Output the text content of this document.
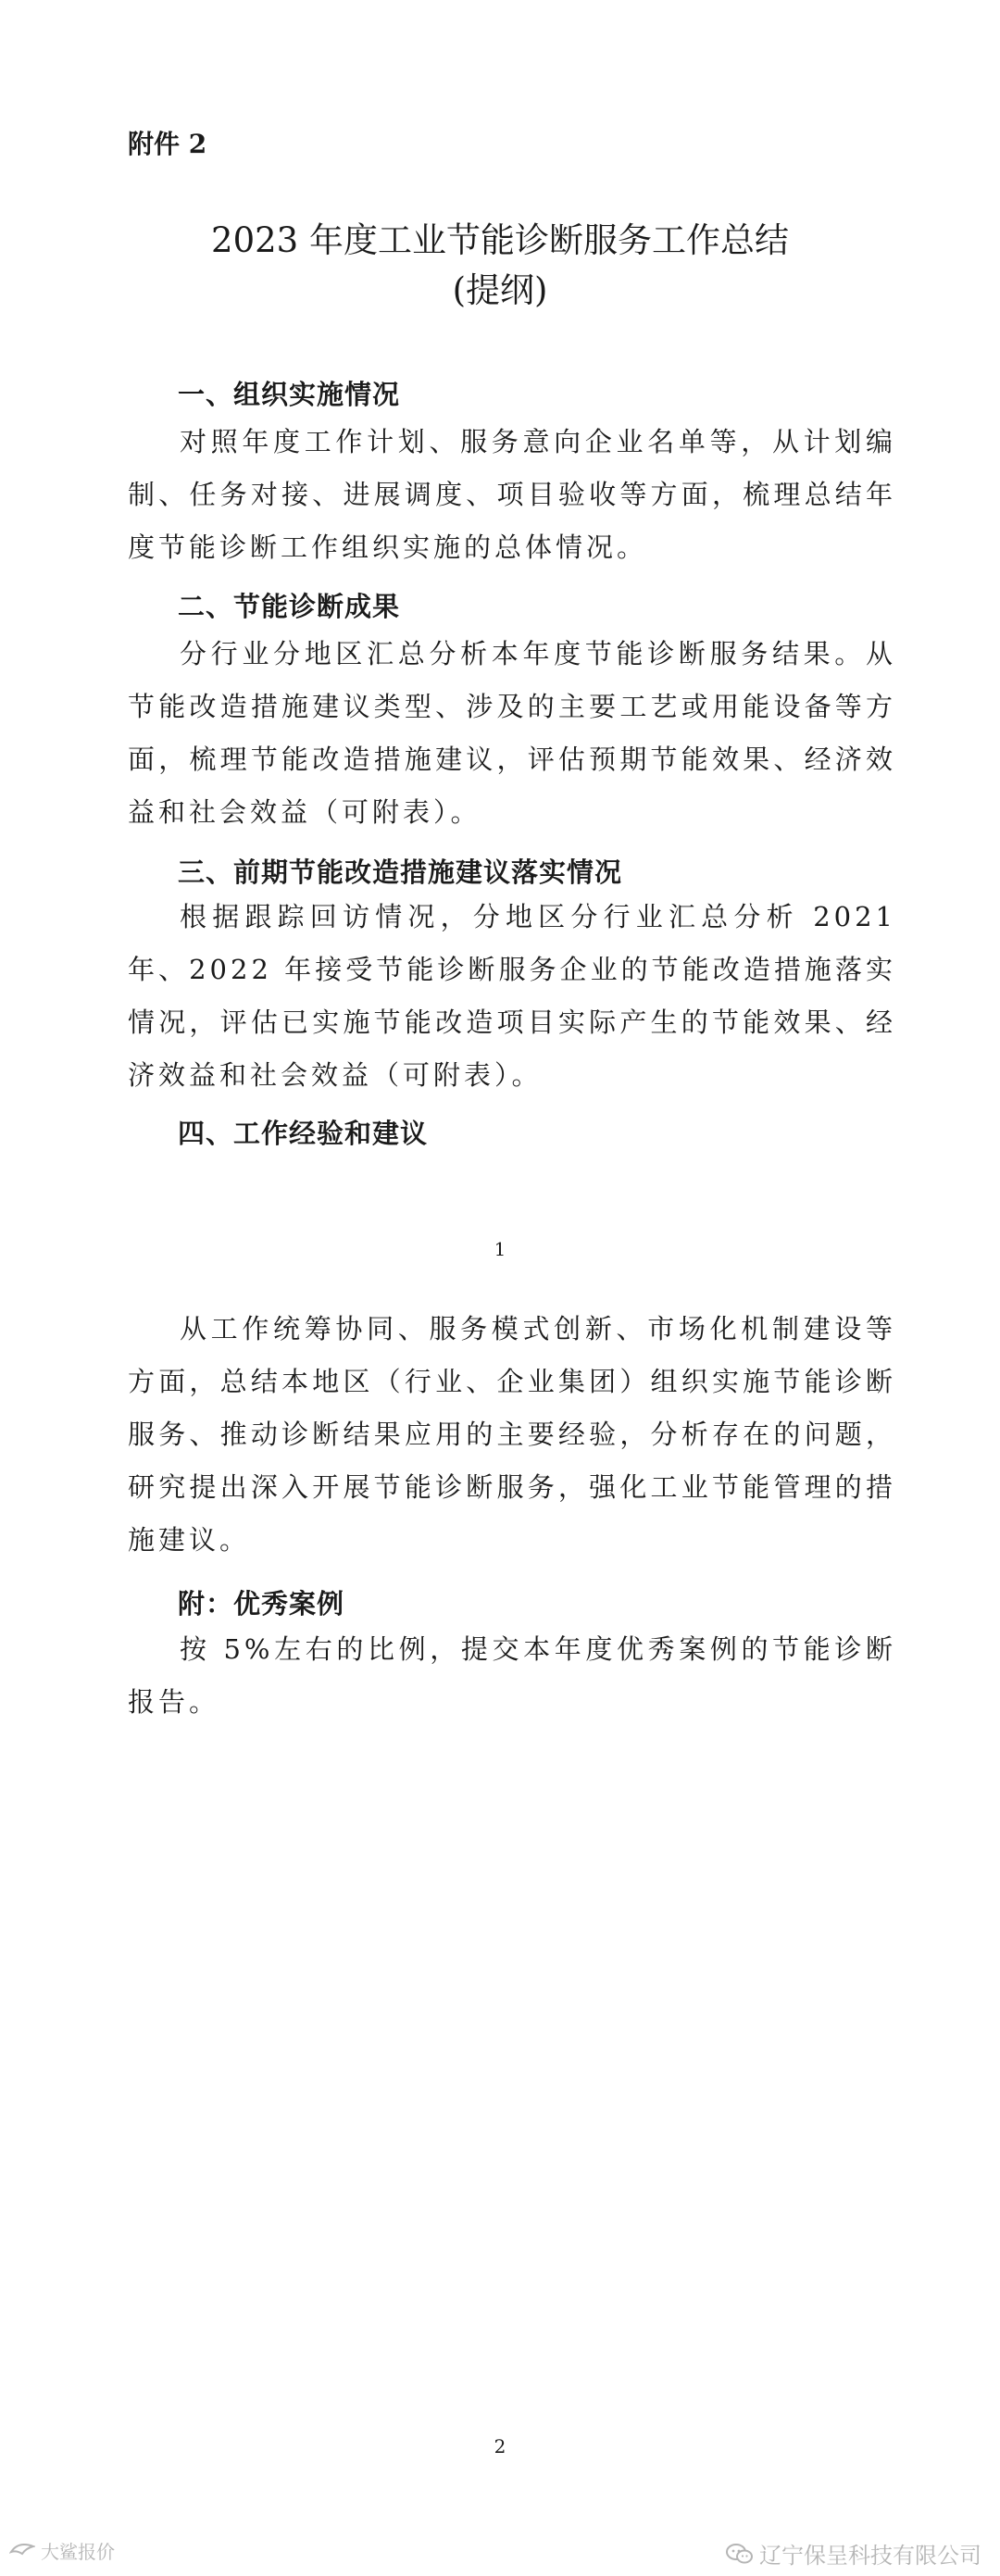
附件 2
2023 年度工业节能诊断服务工作总结
(提纲)
一、组织实施情况

对照年度工作计划、服务意向企业名单等，从计划编制、任务对接、进展调度、项目验收等方面，梳理总结年度节能诊断工作组织实施的总体情况。

二、节能诊断成果

分行业分地区汇总分析本年度节能诊断服务结果。从节能改造措施建议类型、涉及的主要工艺或用能设备等方面，梳理节能改造措施建议，评估预期节能效果、经济效益和社会效益（可附表）。

三、前期节能改造措施建议落实情况

根据跟踪回访情况，分地区分行业汇总分析 2021 年、2022 年接受节能诊断服务企业的节能改造措施落实情况，评估已实施节能改造项目实际产生的节能效果、经济效益和社会效益（可附表）。

四、工作经验和建议
1

从工作统筹协同、服务模式创新、市场化机制建设等方面，总结本地区（行业、企业集团）组织实施节能诊断服务、推动诊断结果应用的主要经验，分析存在的问题，研究提出深入开展节能诊断服务，强化工业节能管理的措施建议。

附：优秀案例

按 5%左右的比例，提交本年度优秀案例的节能诊断报告。

2
大鲨报价	辽宁保呈科技有限公司
